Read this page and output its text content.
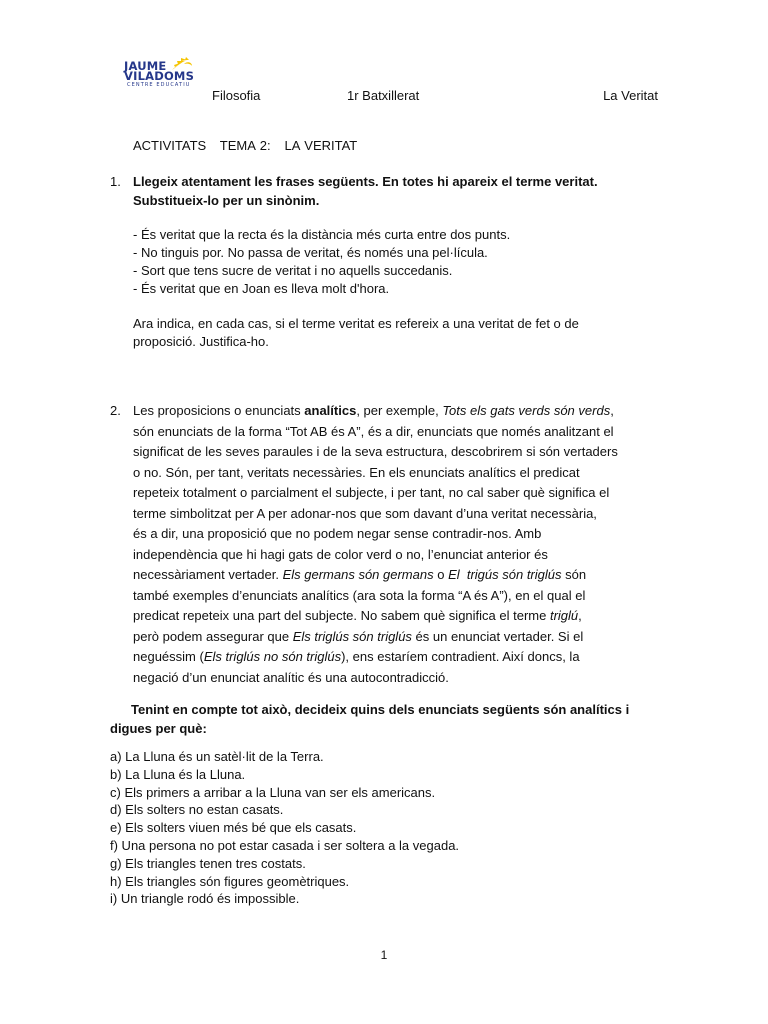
JAUME
VILADOMS
CENTRE EDUCATIU
Filosofia	1r Batxillerat	La Veritat
ACTIVITATS   TEMA 2:   LA VERITAT
1. Llegeix atentament les frases següents. En totes hi apareix el terme veritat.
Substitueix-lo per un sinònim.
- És veritat que la recta és la distància més curta entre dos punts.
- No tinguis por. No passa de veritat, és només una pel·lícula.
- Sort que tens sucre de veritat i no aquells succedanis.
- És veritat que en Joan es lleva molt d'hora.
Ara indica, en cada cas, si el terme veritat es refereix a una veritat de fet o de
proposició. Justifica-ho.
2. Les proposicions o enunciats analítics, per exemple, Tots els gats verds són verds,
són enunciats de la forma “Tot AB és A”, és a dir, enunciats que només analitzant el
significat de les seves paraules i de la seva estructura, descobrirem si són vertaders
o no. Són, per tant, veritats necessàries. En els enunciats analítics el predicat
repeteix totalment o parcialment el subjecte, i per tant, no cal saber què significa el
terme simbolitzat per A per adonar-nos que som davant d’una veritat necessària,
és a dir, una proposició que no podem negar sense contradir-nos. Amb
independència que hi hagi gats de color verd o no, l’enunciat anterior és
necessàriament vertader. Els germans són germans o El  trigús són triglús són
també exemples d’enunciats analítics (ara sota la forma “A és A”), en el qual el
predicat repeteix una part del subjecte. No sabem què significa el terme triglú,
però podem assegurar que Els triglús són triglús és un enunciat vertader. Si el
neguéssim (Els triglús no són triglús), ens estaríem contradient. Així doncs, la
negació d’un enunciat analític és una autocontradicció.
Tenint en compte tot això, decideix quins dels enunciats següents són analítics i
digues per què:
a) La Lluna és un satèl·lit de la Terra.
b) La Lluna és la Lluna.
c) Els primers a arribar a la Lluna van ser els americans.
d) Els solters no estan casats.
e) Els solters viuen més bé que els casats.
f) Una persona no pot estar casada i ser soltera a la vegada.
g) Els triangles tenen tres costats.
h) Els triangles són figures geomètriques.
i) Un triangle rodó és impossible.
1
